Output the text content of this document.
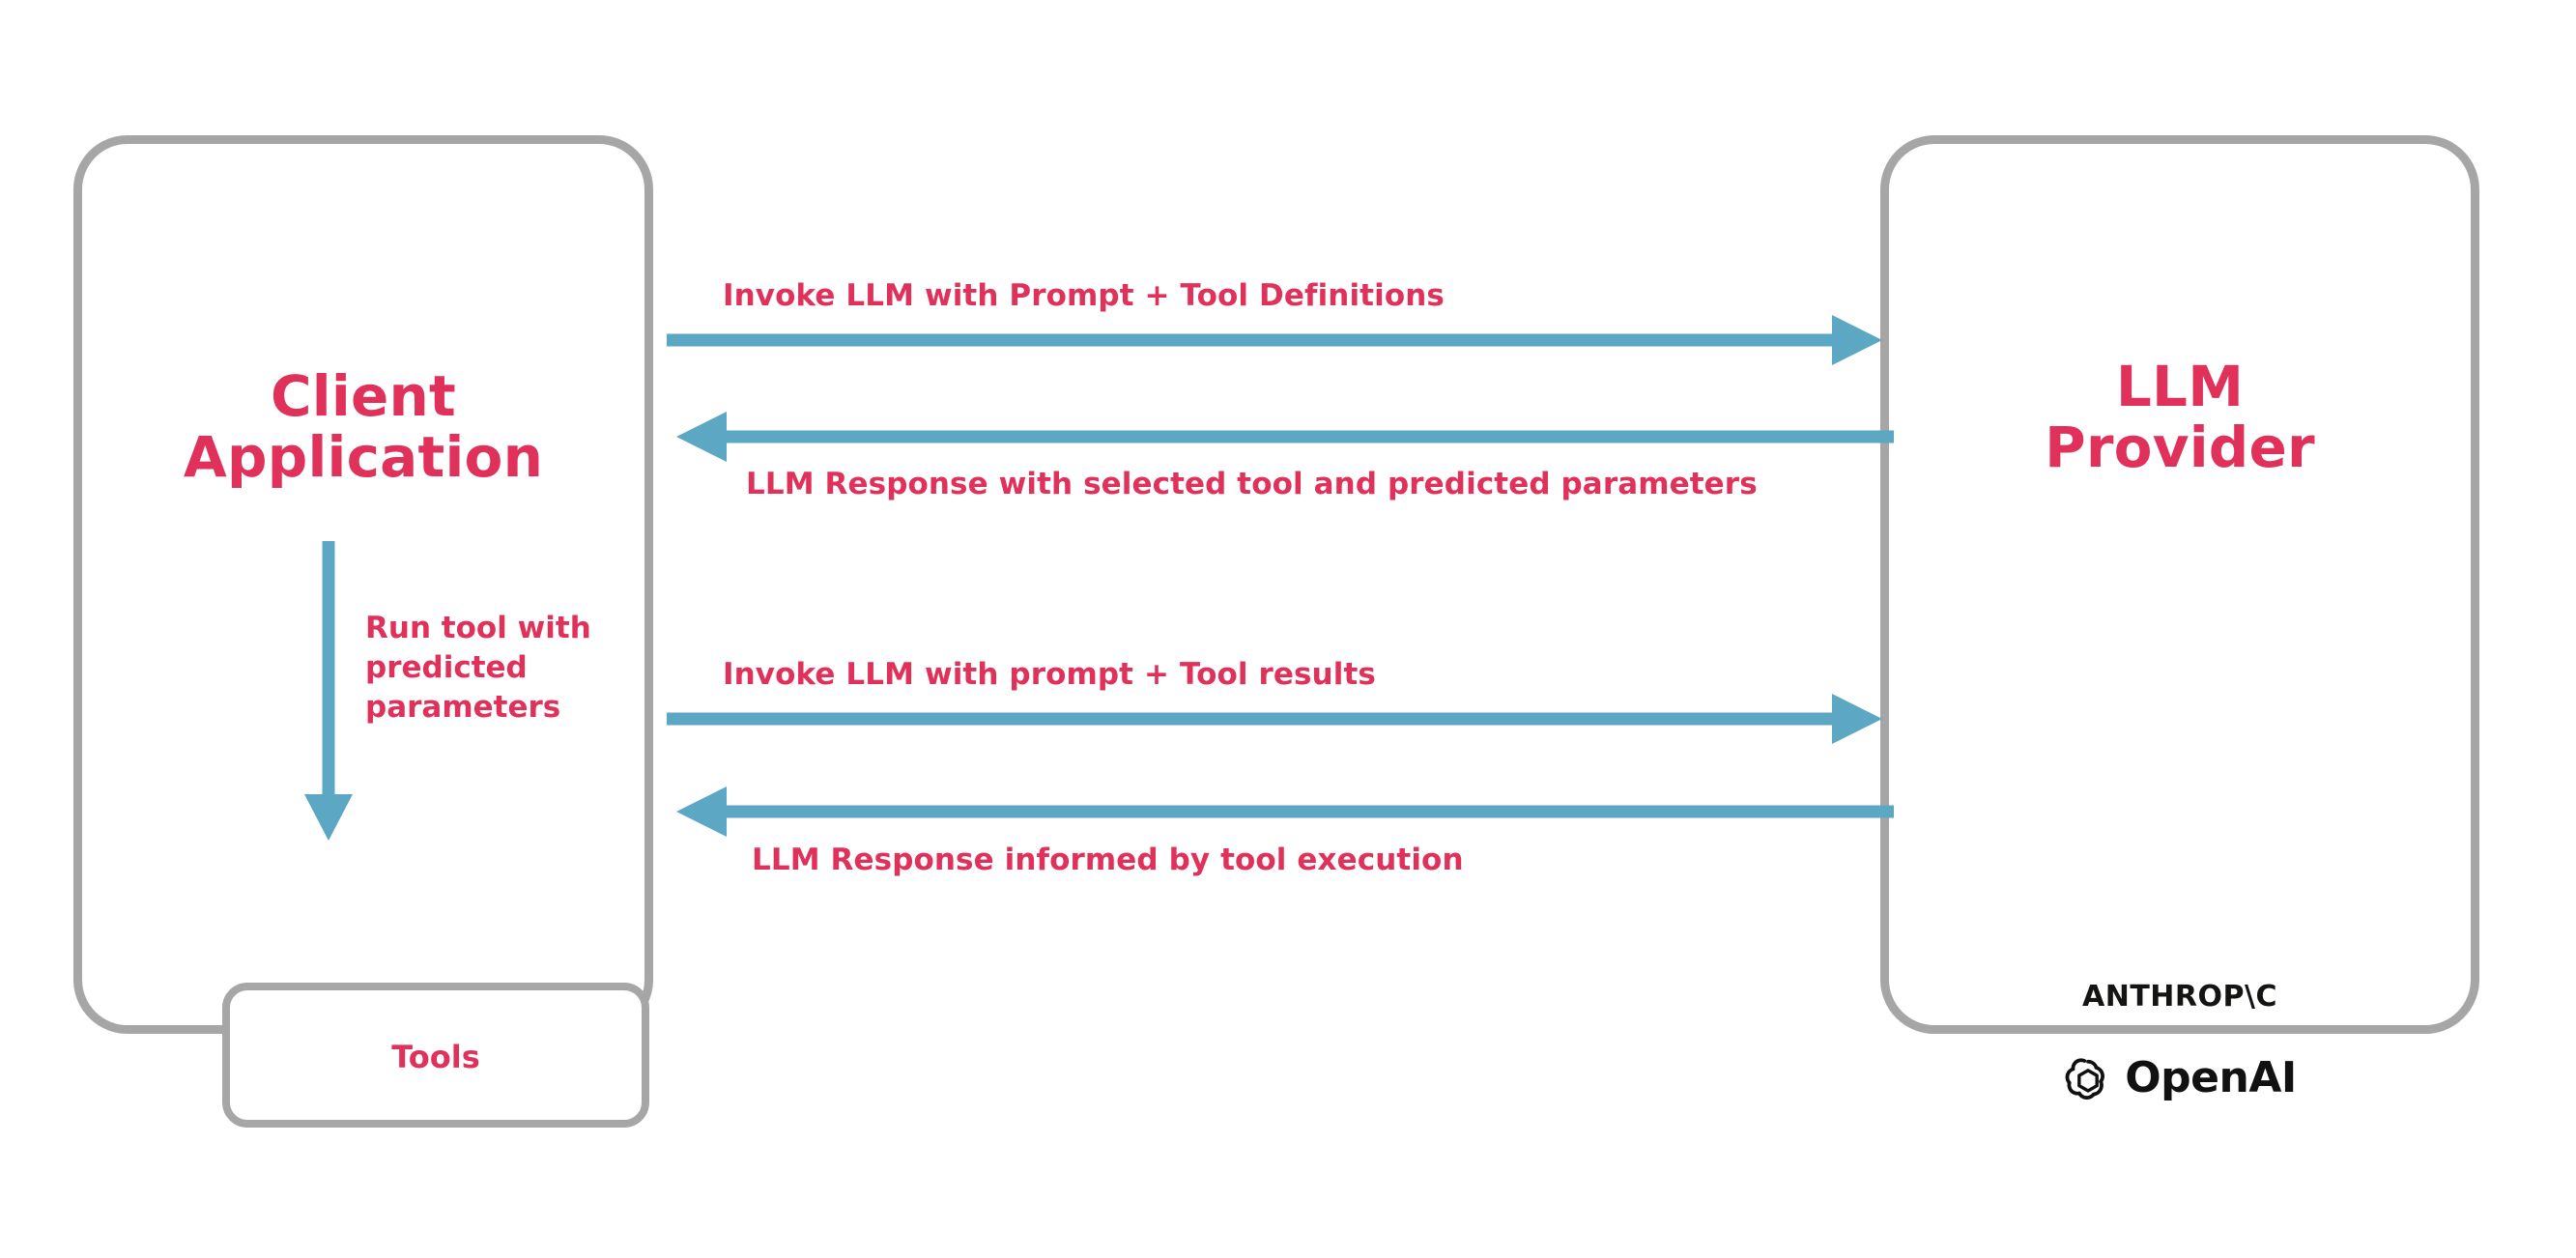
Client
Application
Tools
Run tool with predicted parameters
LLM
Provider
ANTHROP\C
OpenAI
Invoke LLM with Prompt + Tool Definitions
LLM Response with selected tool and predicted parameters
Invoke LLM with prompt + Tool results
LLM Response informed by tool execution
